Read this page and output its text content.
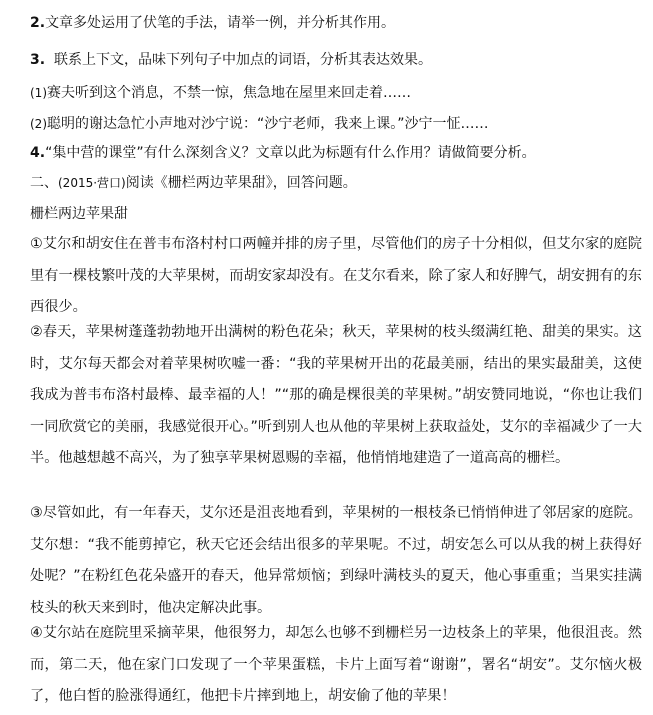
2.文章多处运用了伏笔的手法，请举一例，并分析其作用。
3. 联系上下文，品味下列句子中加点的词语，分析其表达效果。
(1)赛夫听到这个消息，不禁一惊，焦急地在屋里来回走着……
(2)聪明的谢达急忙小声地对沙宁说：“沙宁老师，我来上课。”沙宁一怔……
4.“集中营的课堂”有什么深刻含义？文章以此为标题有什么作用？请做简要分析。
二、(2015·营口)阅读《栅栏两边苹果甜》，回答问题。
栅栏两边苹果甜
①艾尔和胡安住在普韦布洛村村口两幢并排的房子里，尽管他们的房子十分相似，但艾尔家的庭院里有一棵枝繁叶茂的大苹果树，而胡安家却没有。在艾尔看来，除了家人和好脾气，胡安拥有的东西很少。
②春天，苹果树蓬蓬勃勃地开出满树的粉色花朵；秋天，苹果树的枝头缀满红艳、甜美的果实。这时，艾尔每天都会对着苹果树吹嘘一番：“我的苹果树开出的花最美丽，结出的果实最甜美，这使我成为普韦布洛村最棒、最幸福的人！”“那的确是棵很美的苹果树。”胡安赞同地说，“你也让我们一同欣赏它的美丽，我感觉很开心。”听到别人也从他的苹果树上获取益处，艾尔的幸福减少了一大半。他越想越不高兴，为了独享苹果树恩赐的幸福，他悄悄地建造了一道高高的栅栏。
③尽管如此，有一年春天，艾尔还是沮丧地看到，苹果树的一根枝条已悄悄伸进了邻居家的庭院。艾尔想：“我不能剪掉它，秋天它还会结出很多的苹果呢。不过，胡安怎么可以从我的树上获得好处呢？”在粉红色花朵盛开的春天，他异常烦恼；到绿叶满枝头的夏天，他心事重重；当果实挂满枝头的秋天来到时，他决定解决此事。
④艾尔站在庭院里采摘苹果，他很努力，却怎么也够不到栅栏另一边枝条上的苹果，他很沮丧。然而，第二天，他在家门口发现了一个苹果蛋糕，卡片上面写着“谢谢”，署名“胡安”。艾尔恼火极了，他白皙的脸涨得通红，他把卡片摔到地上，胡安偷了他的苹果！
